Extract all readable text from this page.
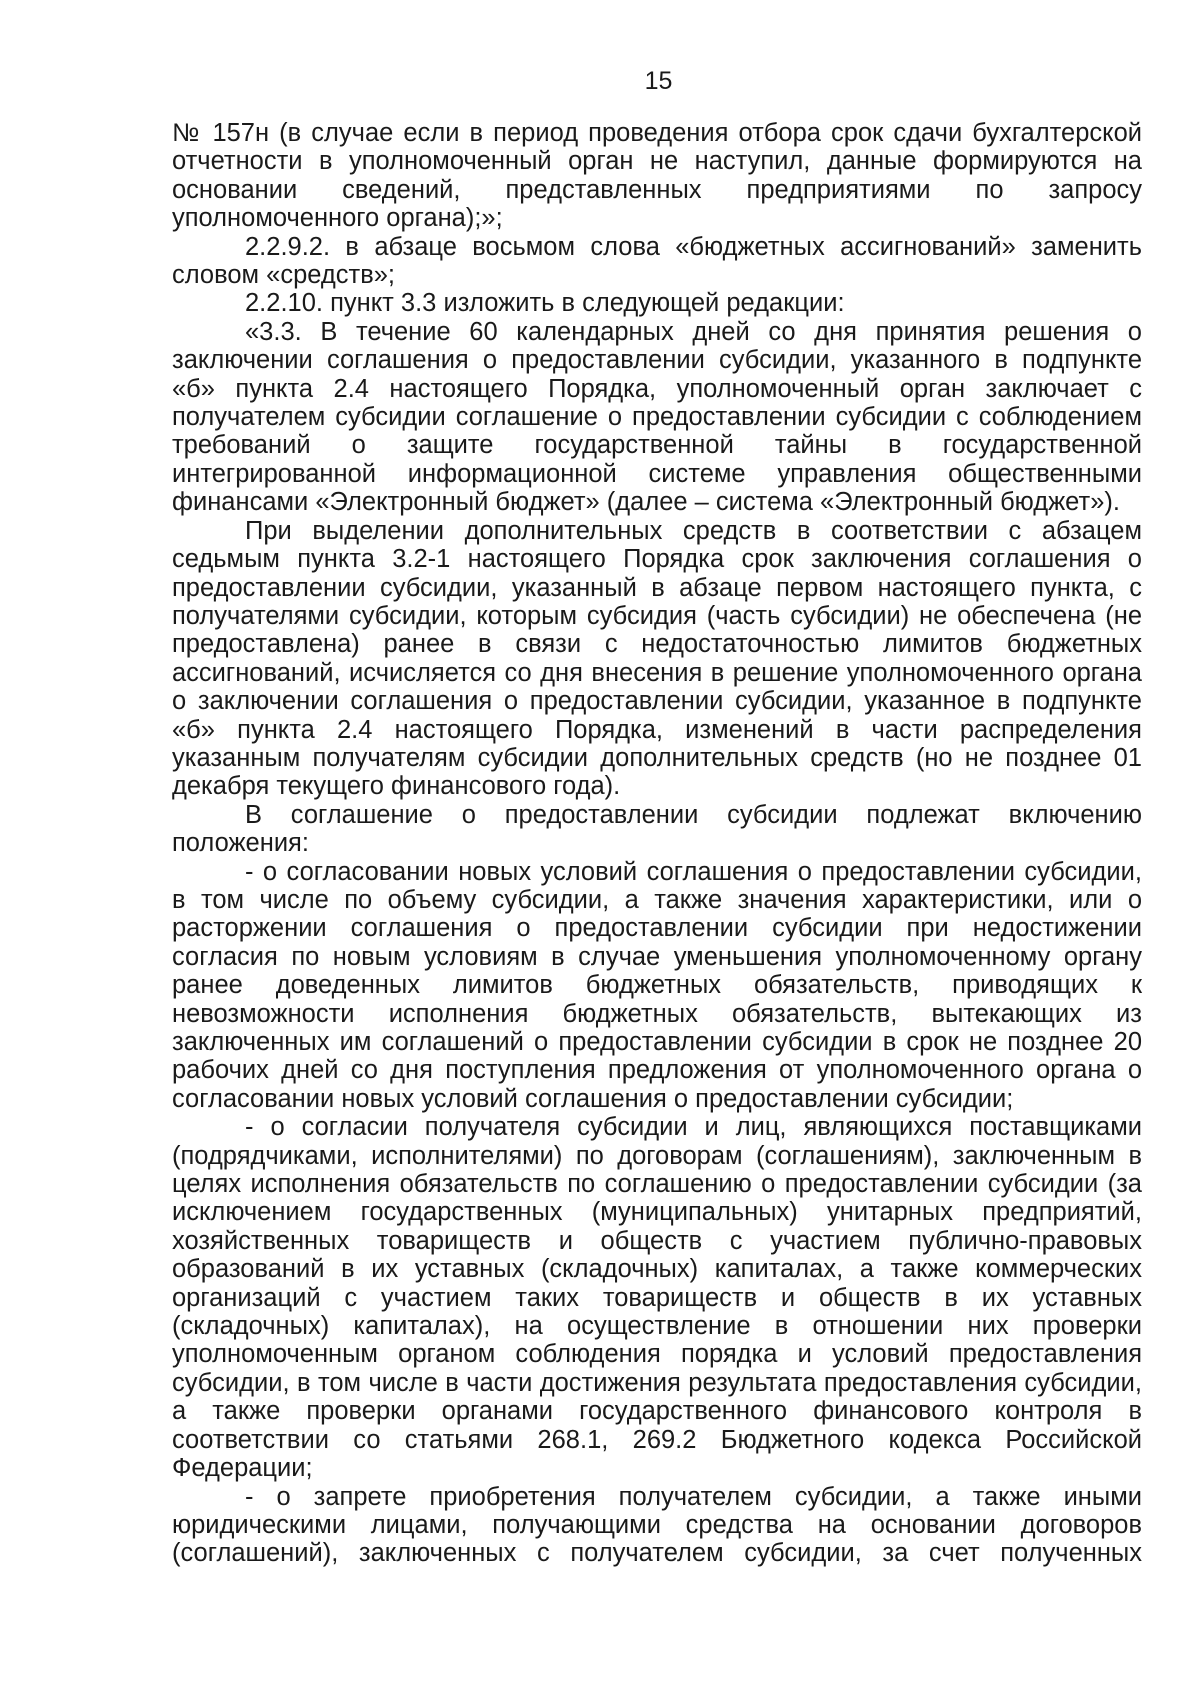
15

№ 157н (в случае если в период проведения отбора срок сдачи бухгалтерской отчетности в уполномоченный орган не наступил, данные формируются на основании сведений, представленных предприятиями по запросу уполномоченного органа);»;

2.2.9.2. в абзаце восьмом слова «бюджетных ассигнований» заменить словом «средств»;

2.2.10. пункт 3.3 изложить в следующей редакции:

«3.3. В течение 60 календарных дней со дня принятия решения о заключении соглашения о предоставлении субсидии, указанного в подпункте «б» пункта 2.4 настоящего Порядка, уполномоченный орган заключает с получателем субсидии соглашение о предоставлении субсидии с соблюдением требований о защите государственной тайны в государственной интегрированной информационной системе управления общественными финансами «Электронный бюджет» (далее – система «Электронный бюджет»).

При выделении дополнительных средств в соответствии с абзацем седьмым пункта 3.2-1 настоящего Порядка срок заключения соглашения о предоставлении субсидии, указанный в абзаце первом настоящего пункта, с получателями субсидии, которым субсидия (часть субсидии) не обеспечена (не предоставлена) ранее в связи с недостаточностью лимитов бюджетных ассигнований, исчисляется со дня внесения в решение уполномоченного органа о заключении соглашения о предоставлении субсидии, указанное в подпункте «б» пункта 2.4 настоящего Порядка, изменений в части распределения указанным получателям субсидии дополнительных средств (но не позднее 01 декабря текущего финансового года).

В соглашение о предоставлении субсидии подлежат включению положения:

- о согласовании новых условий соглашения о предоставлении субсидии, в том числе по объему субсидии, а также значения характеристики, или о расторжении соглашения о предоставлении субсидии при недостижении согласия по новым условиям в случае уменьшения уполномоченному органу ранее доведенных лимитов бюджетных обязательств, приводящих к невозможности исполнения бюджетных обязательств, вытекающих из заключенных им соглашений о предоставлении субсидии в срок не позднее 20 рабочих дней со дня поступления предложения от уполномоченного органа о согласовании новых условий соглашения о предоставлении субсидии;

- о согласии получателя субсидии и лиц, являющихся поставщиками (подрядчиками, исполнителями) по договорам (соглашениям), заключенным в целях исполнения обязательств по соглашению о предоставлении субсидии (за исключением государственных (муниципальных) унитарных предприятий, хозяйственных товариществ и обществ с участием публично-правовых образований в их уставных (складочных) капиталах, а также коммерческих организаций с участием таких товариществ и обществ в их уставных (складочных) капиталах), на осуществление в отношении них проверки уполномоченным органом соблюдения порядка и условий предоставления субсидии, в том числе в части достижения результата предоставления субсидии, а также проверки органами государственного финансового контроля в соответствии со статьями 268.1, 269.2 Бюджетного кодекса Российской Федерации;

- о запрете приобретения получателем субсидии, а также иными юридическими лицами, получающими средства на основании договоров (соглашений), заключенных с получателем субсидии, за счет полученных
